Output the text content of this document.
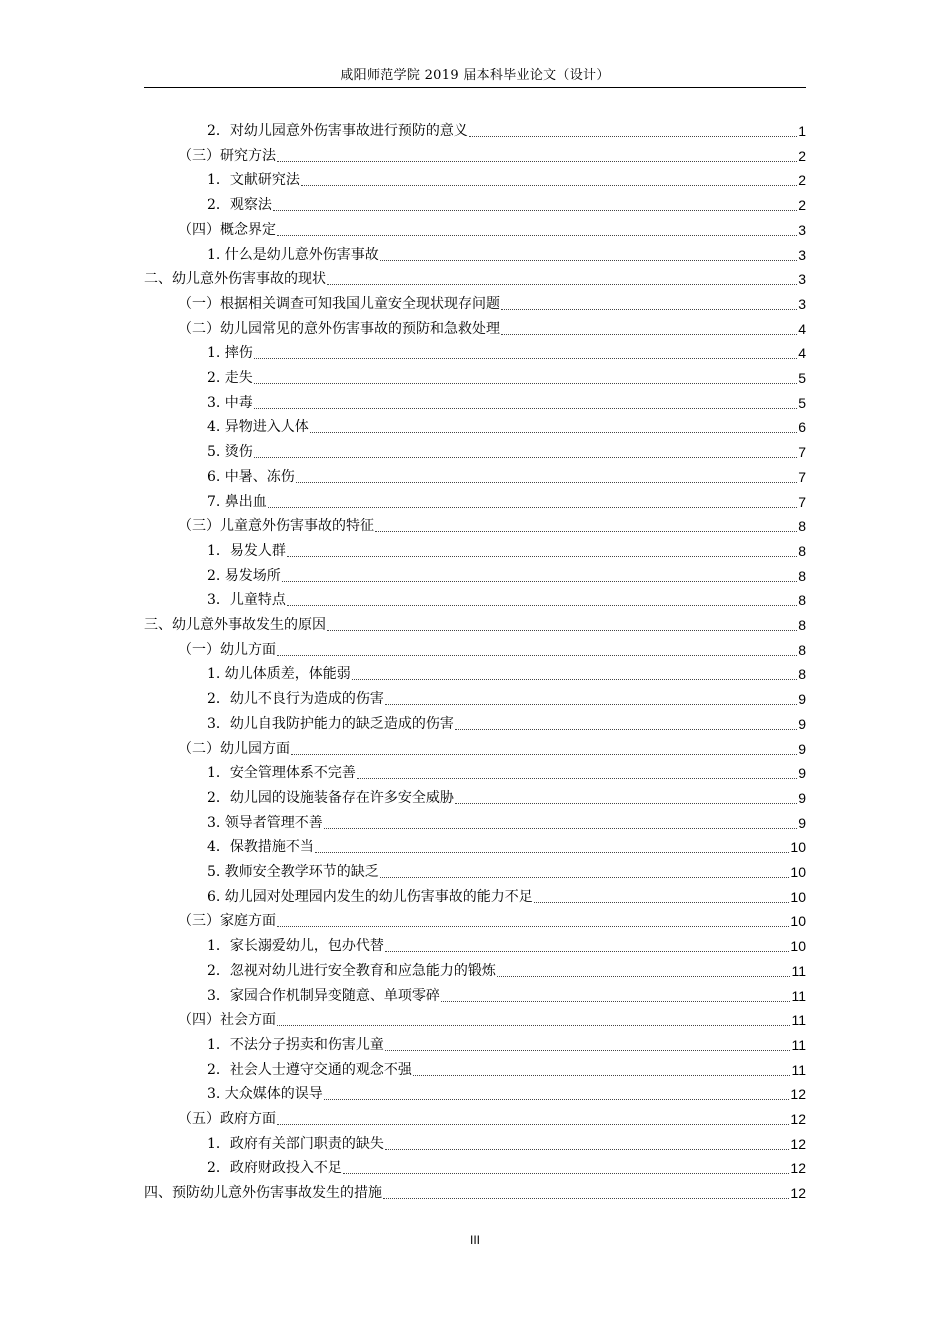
咸阳师范学院 2019 届本科毕业论文（设计）
2．对幼儿园意外伤害事故进行预防的意义	1
（三）研究方法	2
1．文献研究法	2
2．观察法	2
（四）概念界定	3
1. 什么是幼儿意外伤害事故	3
二、幼儿意外伤害事故的现状	3
（一）根据相关调查可知我国儿童安全现状现存问题	3
（二）幼儿园常见的意外伤害事故的预防和急救处理	4
1. 摔伤	4
2. 走失	5
3. 中毒	5
4. 异物进入人体	6
5. 烫伤	7
6. 中暑、冻伤	7
7. 鼻出血	7
（三）儿童意外伤害事故的特征	8
1．易发人群	8
2. 易发场所	8
3．儿童特点	8
三、幼儿意外事故发生的原因	8
（一）幼儿方面	8
1. 幼儿体质差，体能弱	8
2．幼儿不良行为造成的伤害	9
3．幼儿自我防护能力的缺乏造成的伤害	9
（二）幼儿园方面	9
1．安全管理体系不完善	9
2．幼儿园的设施装备存在许多安全威胁	9
3. 领导者管理不善	9
4．保教措施不当	10
5. 教师安全教学环节的缺乏	10
6. 幼儿园对处理园内发生的幼儿伤害事故的能力不足	10
（三）家庭方面	10
1．家长溺爱幼儿，包办代替	10
2．忽视对幼儿进行安全教育和应急能力的锻炼	11
3．家园合作机制异变随意、单项零碎	11
（四）社会方面	11
1．不法分子拐卖和伤害儿童	11
2．社会人士遵守交通的观念不强	11
3. 大众媒体的误导	12
（五）政府方面	12
1．政府有关部门职责的缺失	12
2．政府财政投入不足	12
四、预防幼儿意外伤害事故发生的措施	12
III
